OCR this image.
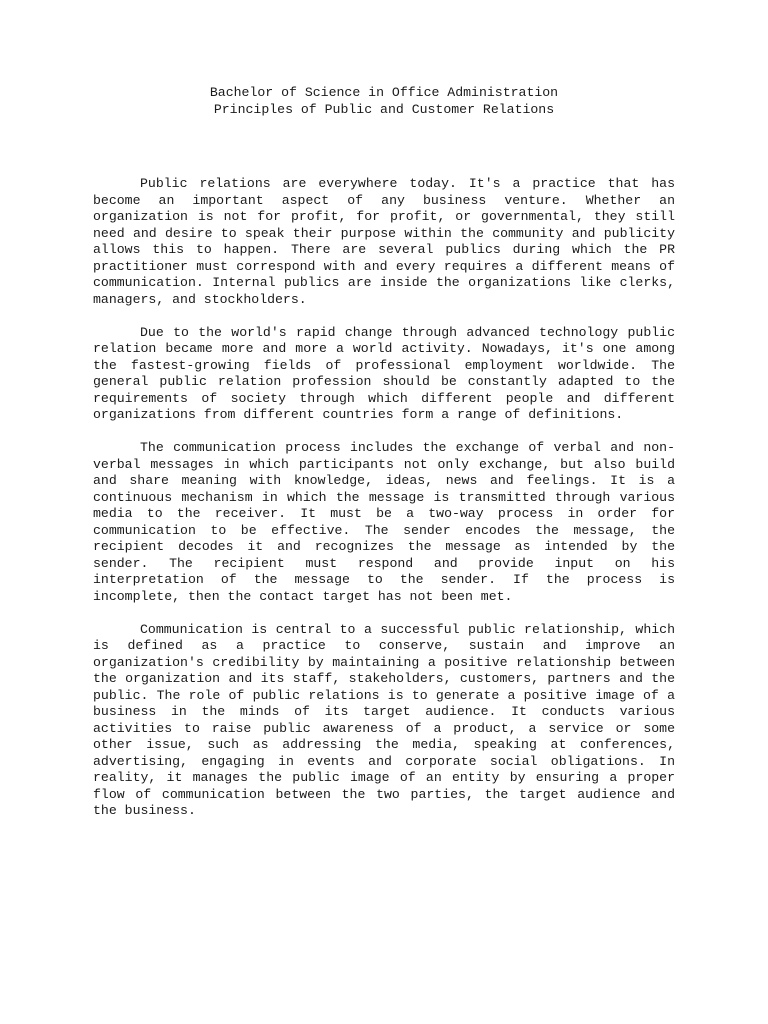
Bachelor of Science in Office Administration
Principles of Public and Customer Relations

Public relations are everywhere today. It's a practice that has become an important aspect of any business venture. Whether an organization is not for profit, for profit, or governmental, they still need and desire to speak their purpose within the community and publicity allows this to happen. There are several publics during which the PR practitioner must correspond with and every requires a different means of communication. Internal publics are inside the organizations like clerks, managers, and stockholders.

Due to the world's rapid change through advanced technology public relation became more and more a world activity. Nowadays, it's one among the fastest-growing fields of professional employment worldwide. The general public relation profession should be constantly adapted to the requirements of society through which different people and different organizations from different countries form a range of definitions.

The communication process includes the exchange of verbal and non-verbal messages in which participants not only exchange, but also build and share meaning with knowledge, ideas, news and feelings. It is a continuous mechanism in which the message is transmitted through various media to the receiver. It must be a two-way process in order for communication to be effective. The sender encodes the message, the recipient decodes it and recognizes the message as intended by the sender. The recipient must respond and provide input on his interpretation of the message to the sender. If the process is incomplete, then the contact target has not been met.

Communication is central to a successful public relationship, which is defined as a practice to conserve, sustain and improve an organization's credibility by maintaining a positive relationship between the organization and its staff, stakeholders, customers, partners and the public. The role of public relations is to generate a positive image of a business in the minds of its target audience. It conducts various activities to raise public awareness of a product, a service or some other issue, such as addressing the media, speaking at conferences, advertising, engaging in events and corporate social obligations. In reality, it manages the public image of an entity by ensuring a proper flow of communication between the two parties, the target audience and the business.
